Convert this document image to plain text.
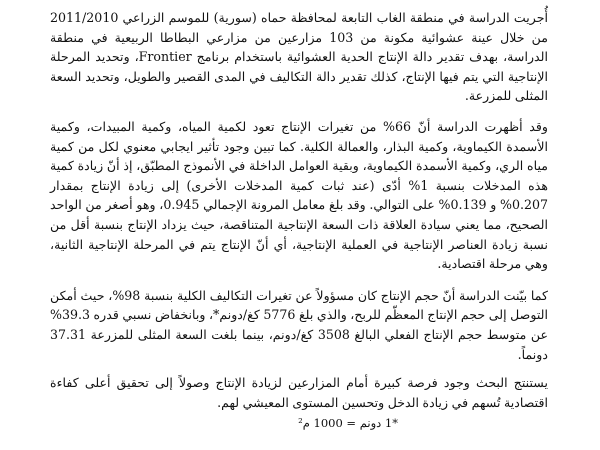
أُجريت الدراسة في منطقة الغاب التابعة لمحافظة حماه (سورية) للموسم الزراعي 2011/2010 من خلال عينة عشوائية مكونة من 103 مزارعين من مزارعي البطاطا الربيعية في منطقة الدراسة، بهدف تقدير دالة الإنتاج الحدية العشوائية باستخدام برنامج Frontier، وتحديد المرحلة الإنتاجية التي يتم فيها الإنتاج، كذلك تقدير دالة التكاليف في المدى القصير والطويل، وتحديد السعة المثلى للمزرعة.

وقد أظهرت الدراسة أنّ 66% من تغيرات الإنتاج تعود لكمية المياه، وكمية المبيدات، وكمية الأسمدة الكيماوية، وكمية البذار، والعمالة الكلية. كما تبين وجود تأثير ايجابي معنوي لكل من كمية مياه الري، وكمية الأسمدة الكيماوية، وبقية العوامل الداخلة في الأنموذج المطبّق، إذ أنّ زيادة كمية هذه المدخلات بنسبة 1% أدّى (عند ثبات كمية المدخلات الأخرى) إلى زيادة الإنتاج بمقدار 0.207% و 0.139% على التوالي. وقد بلغ معامل المرونة الإجمالي 0.945، وهو أصغر من الواحد الصحيح، مما يعني سيادة العلاقة ذات السعة الإنتاجية المتناقصة، حيث يزداد الإنتاج بنسبة أقل من نسبة زيادة العناصر الإنتاجية في العملية الإنتاجية، أي أنّ الإنتاج يتم في المرحلة الإنتاجية الثانية، وهي مرحلة اقتصادية.

كما بيّنت الدراسة أنّ حجم الإنتاج كان مسؤولاً عن تغيرات التكاليف الكلية بنسبة 98%، حيث أمكن التوصل إلى حجم الإنتاج المعظّم للربح، والذي بلغ 5776 كغ/دونم*، وبانخفاض نسبي قدره 39.3% عن متوسط حجم الإنتاج الفعلي البالغ 3508 كغ/دونم، بينما بلغت السعة المثلى للمزرعة 37.31 دونماً.

يستنتج البحث وجود فرصة كبيرة أمام المزارعين لزيادة الإنتاج وصولاً إلى تحقيق أعلى كفاءة اقتصادية تُسهم في زيادة الدخل وتحسين المستوى المعيشي لهم.

*1 دونم = 1000 م²
